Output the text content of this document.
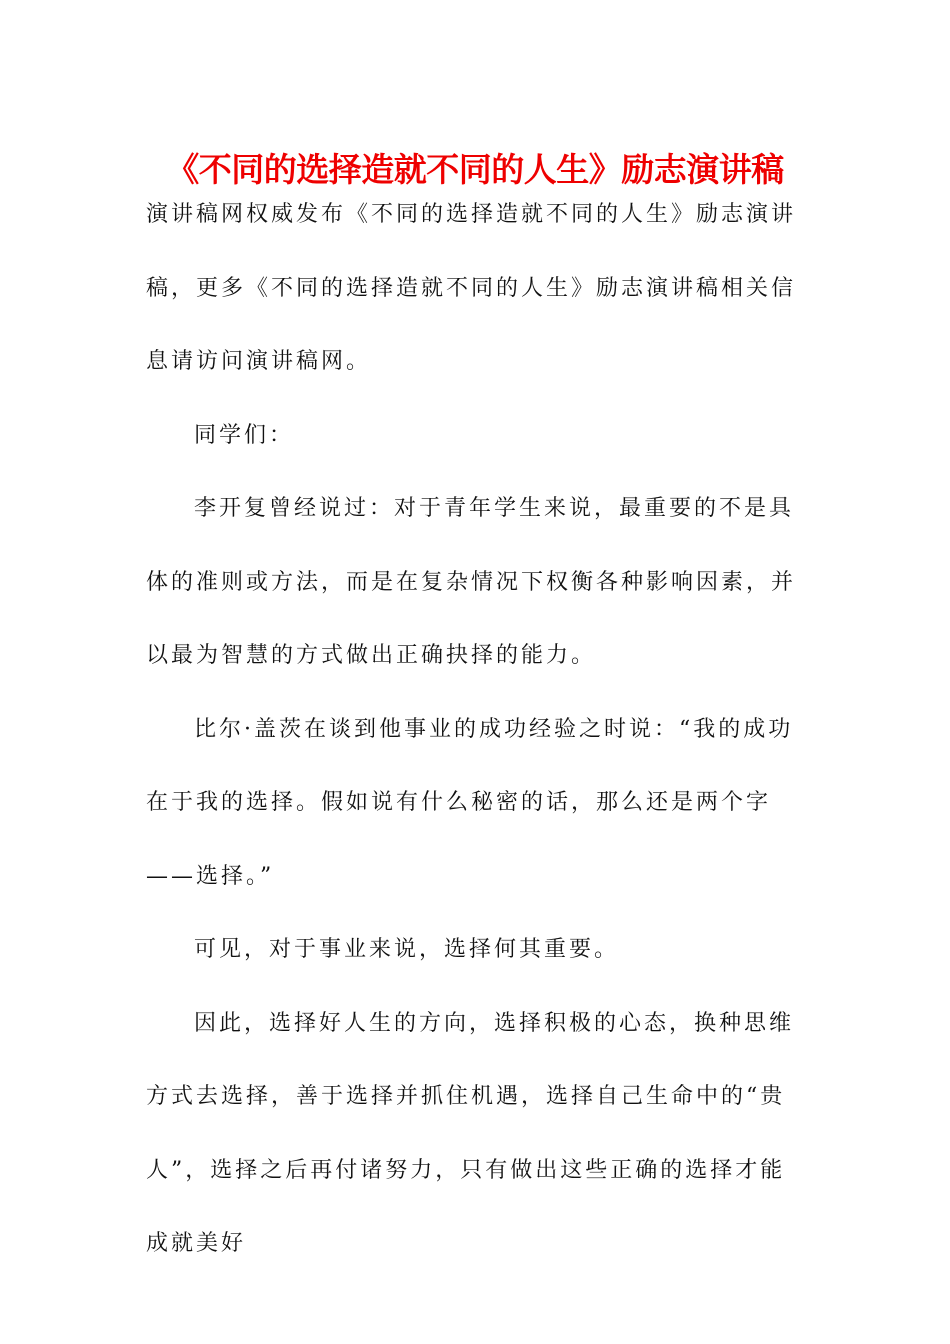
《不同的选择造就不同的人生》励志演讲稿

演讲稿网权威发布《不同的选择造就不同的人生》励志演讲稿，更多《不同的选择造就不同的人生》励志演讲稿相关信息请访问演讲稿网。

同学们：

李开复曾经说过：对于青年学生来说，最重要的不是具体的准则或方法，而是在复杂情况下权衡各种影响因素，并以最为智慧的方式做出正确抉择的能力。

比尔·盖茨在谈到他事业的成功经验之时说：“我的成功在于我的选择。假如说有什么秘密的话，那么还是两个字——选择。”

可见，对于事业来说，选择何其重要。

因此，选择好人生的方向，选择积极的心态，换种思维方式去选择，善于选择并抓住机遇，选择自己生命中的“贵人”，选择之后再付诸努力，只有做出这些正确的选择才能成就美好
